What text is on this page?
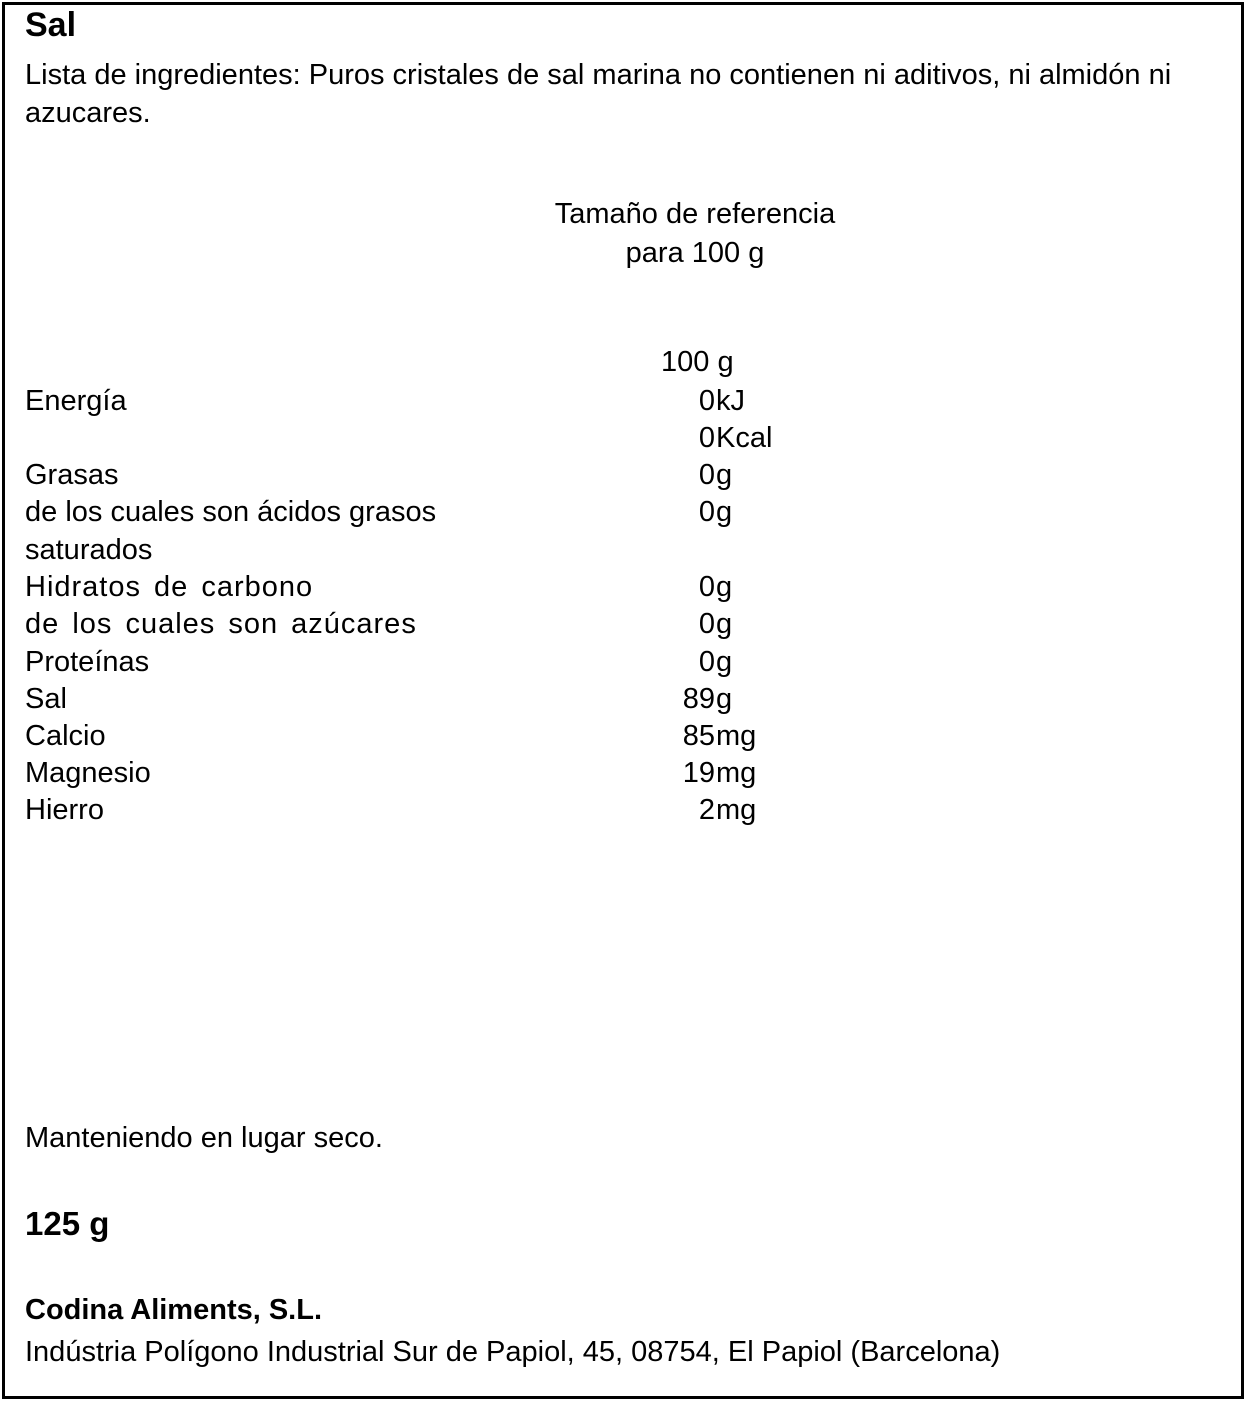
Sal
Lista de ingredientes: Puros cristales de sal marina no contienen ni aditivos, ni almidón ni azucares.
Tamaño de referencia
para 100 g
100 g
Energía	0 kJ
0 Kcal
Grasas	0 g
de los cuales son ácidos grasos	0 g
saturados
Hidratos de carbono	0 g
de los cuales son azúcares	0 g
Proteínas	0 g
Sal	89 g
Calcio	85 mg
Magnesio	19 mg
Hierro	2 mg
Manteniendo en lugar seco.
125 g
Codina Aliments, S.L.
Indústria Polígono Industrial Sur de Papiol, 45, 08754, El Papiol (Barcelona)
